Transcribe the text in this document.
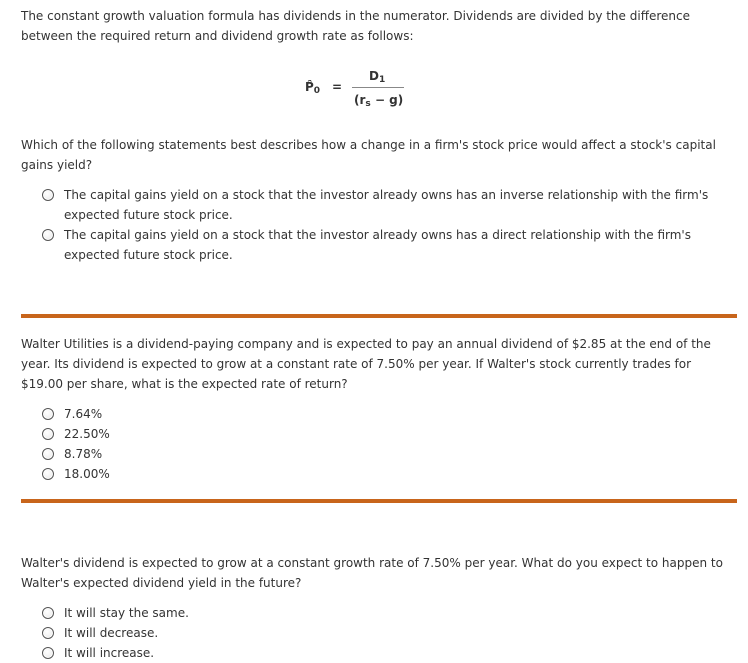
The constant growth valuation formula has dividends in the numerator. Dividends are divided by the difference between the required return and dividend growth rate as follows:

$P̂_0$ =
$D_1$
$(r_s - g)$

Which of the following statements best describes how a change in a firm's stock price would affect a stock's capital gains yield?

The capital gains yield on a stock that the investor already owns has an inverse relationship with the firm's expected future stock price.
The capital gains yield on a stock that the investor already owns has a direct relationship with the firm's expected future stock price.

Walter Utilities is a dividend-paying company and is expected to pay an annual dividend of $2.85 at the end of the year. Its dividend is expected to grow at a constant rate of 7.50% per year. If Walter's stock currently trades for $19.00 per share, what is the expected rate of return?

7.64%
22.50%
8.78%
18.00%

Walter's dividend is expected to grow at a constant growth rate of 7.50% per year. What do you expect to happen to Walter's expected dividend yield in the future?

It will stay the same.
It will decrease.
It will increase.
